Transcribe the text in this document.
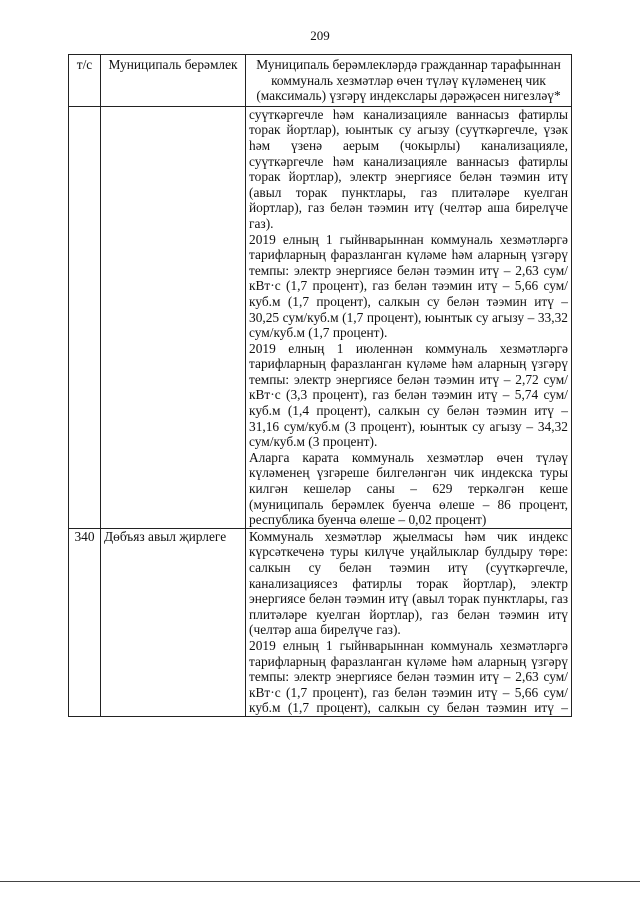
209
т/с	Муниципаль берәмлек	Муниципаль берәмлекләрдә гражданнар тарафыннан коммуналь хезмәтләр өчен түләү күләменең чик (максималь) үзгәрү индекслары дәрәҗәсен нигезләү*

		суүткәргечле һәм канализацияле ваннасыз фатирлы торак йортлар), юынтык су агызу (суүткәргечле, үзәк һәм үзенә аерым (чокырлы) канализацияле, суүткәргечле һәм канализацияле ваннасыз фатирлы торак йортлар), электр энергиясе белән тәэмин итү (авыл торак пунктлары, газ плитәләре куелган йортлар), газ белән тәэмин итү (челтәр аша бирелүче газ).
2019 елның 1 гыйнварыннан коммуналь хезмәтләргә тарифларның фаразланган күләме һәм аларның үзгәрү темпы: электр энергиясе белән тәэмин итү – 2,63 сум/кВт·с (1,7 процент), газ белән тәэмин итү – 5,66 сум/куб.м (1,7 процент), салкын су белән тәэмин итү – 30,25 сум/куб.м (1,7 процент), юынтык су агызу – 33,32 сум/куб.м (1,7 процент).
2019 елның 1 июленнән коммуналь хезмәтләргә тарифларның фаразланган күләме һәм аларның үзгәрү темпы: электр энергиясе белән тәэмин итү – 2,72 сум/кВт·с (3,3 процент), газ белән тәэмин итү – 5,74 сум/куб.м (1,4 процент), салкын су белән тәэмин итү – 31,16 сум/куб.м (3 процент), юынтык су агызу – 34,32 сум/куб.м (3 процент).
Аларга карата коммуналь хезмәтләр өчен түләү күләменең үзгәреше билгеләнгән чик индекска туры килгән кешеләр саны – 629 теркәлгән кеше (муниципаль берәмлек буенча өлеше – 86 процент, республика буенча өлеше – 0,02 процент)

340	Дөбъяз авыл җирлеге	Коммуналь хезмәтләр җыелмасы һәм чик индекс күрсәткеченә туры килүче уңайлыклар булдыру төре: салкын су белән тәэмин итү (суүткәргечле, канализациясез фатирлы торак йортлар), электр энергиясе белән тәэмин итү (авыл торак пунктлары, газ плитәләре куелган йортлар), газ белән тәэмин итү (челтәр аша бирелүче газ).
2019 елның 1 гыйнварыннан коммуналь хезмәтләргә тарифларның фаразланган күләме һәм аларның үзгәрү темпы: электр энергиясе белән тәэмин итү – 2,63 сум/кВт·с (1,7 процент), газ белән тәэмин итү – 5,66 сум/куб.м (1,7 процент), салкын су белән тәэмин итү –
